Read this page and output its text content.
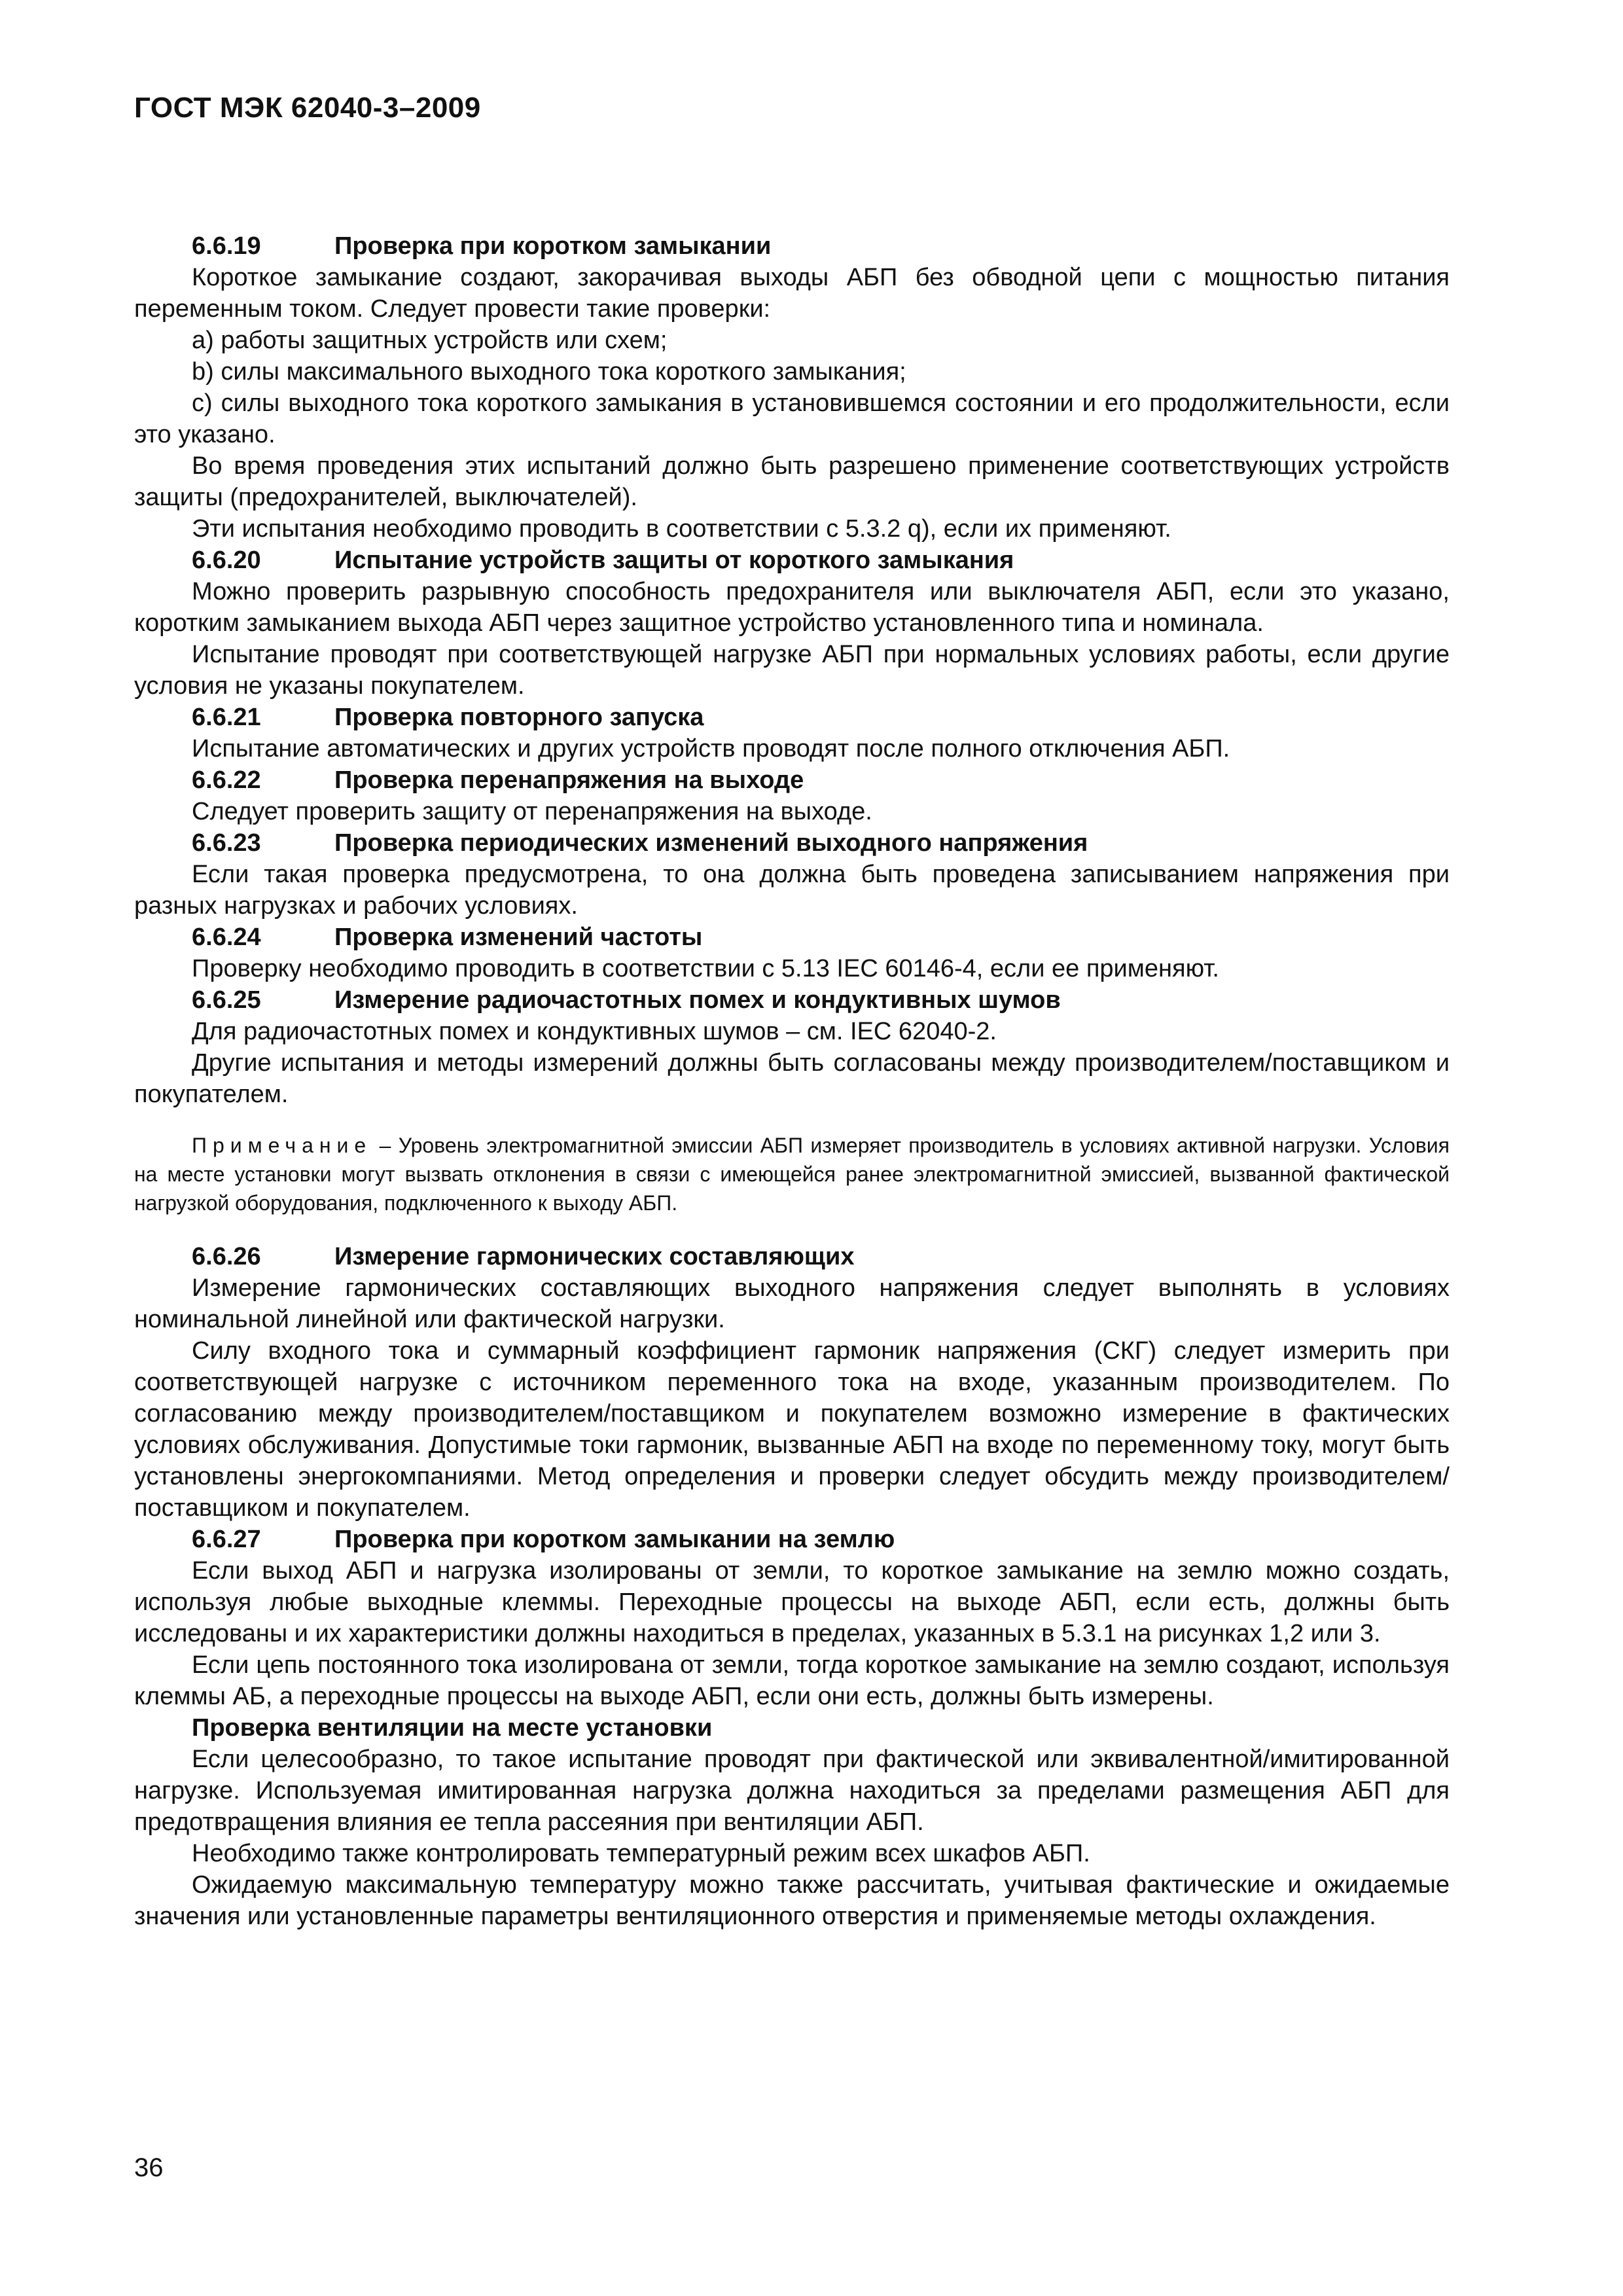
ГОСТ МЭК 62040-3–2009

6.6.19	Проверка при коротком замыкании

Короткое замыкание создают, закорачивая выходы АБП без обводной цепи с мощностью питания переменным током. Следует провести такие проверки:

а) работы защитных устройств или схем;

b) силы максимального выходного тока короткого замыкания;

с) силы выходного тока короткого замыкания в установившемся состоянии и его продолжительности, если это указано.

Во время проведения этих испытаний должно быть разрешено применение соответствующих устройств защиты (предохранителей, выключателей).

Эти испытания необходимо проводить в соответствии с 5.3.2 q), если их применяют.

6.6.20	Испытание устройств защиты от короткого замыкания

Можно проверить разрывную способность предохранителя или выключателя АБП, если это указано, коротким замыканием выхода АБП через защитное устройство установленного типа и номинала.

Испытание проводят при соответствующей нагрузке АБП при нормальных условиях работы, если другие условия не указаны покупателем.

6.6.21	Проверка повторного запуска

Испытание автоматических и других устройств проводят после полного отключения АБП.

6.6.22	Проверка перенапряжения на выходе

Следует проверить защиту от перенапряжения на выходе.

6.6.23	Проверка периодических изменений выходного напряжения

Если такая проверка предусмотрена, то она должна быть проведена записыванием напряжения при разных нагрузках и рабочих условиях.

6.6.24	Проверка изменений частоты

Проверку необходимо проводить в соответствии с 5.13 IEC 60146-4, если ее применяют.

6.6.25	Измерение радиочастотных помех и кондуктивных шумов

Для радиочастотных помех и кондуктивных шумов – см. IEC 62040-2.

Другие испытания и методы измерений должны быть согласованы между производителем/поставщиком и покупателем.

Примечание – Уровень электромагнитной эмиссии АБП измеряет производитель в условиях активной нагрузки. Условия на месте установки могут вызвать отклонения в связи с имеющейся ранее электромагнитной эмиссией, вызванной фактической нагрузкой оборудования, подключенного к выходу АБП.

6.6.26	Измерение гармонических составляющих

Измерение гармонических составляющих выходного напряжения следует выполнять в условиях номинальной линейной или фактической нагрузки.

Силу входного тока и суммарный коэффициент гармоник напряжения (СКГ) следует измерить при соответствующей нагрузке с источником переменного тока на входе, указанным производителем. По согласованию между производителем/поставщиком и покупателем возможно измерение в фактических условиях обслуживания. Допустимые токи гармоник, вызванные АБП на входе по переменному току, могут быть установлены энергокомпаниями. Метод определения и проверки следует обсудить между производителем/поставщиком и покупателем.

6.6.27	Проверка при коротком замыкании на землю

Если выход АБП и нагрузка изолированы от земли, то короткое замыкание на землю можно создать, используя любые выходные клеммы. Переходные процессы на выходе АБП, если есть, должны быть исследованы и их характеристики должны находиться в пределах, указанных в 5.3.1 на рисунках 1,2 или 3.

Если цепь постоянного тока изолирована от земли, тогда короткое замыкание на землю создают, используя клеммы АБ, а переходные процессы на выходе АБП, если они есть, должны быть измерены.

Проверка вентиляции на месте установки

Если целесообразно, то такое испытание проводят при фактической или эквивалентной/имитированной нагрузке. Используемая имитированная нагрузка должна находиться за пределами размещения АБП для предотвращения влияния ее тепла рассеяния при вентиляции АБП.

Необходимо также контролировать температурный режим всех шкафов АБП.

Ожидаемую максимальную температуру можно также рассчитать, учитывая фактические и ожидаемые значения или установленные параметры вентиляционного отверстия и применяемые методы охлаждения.

36
